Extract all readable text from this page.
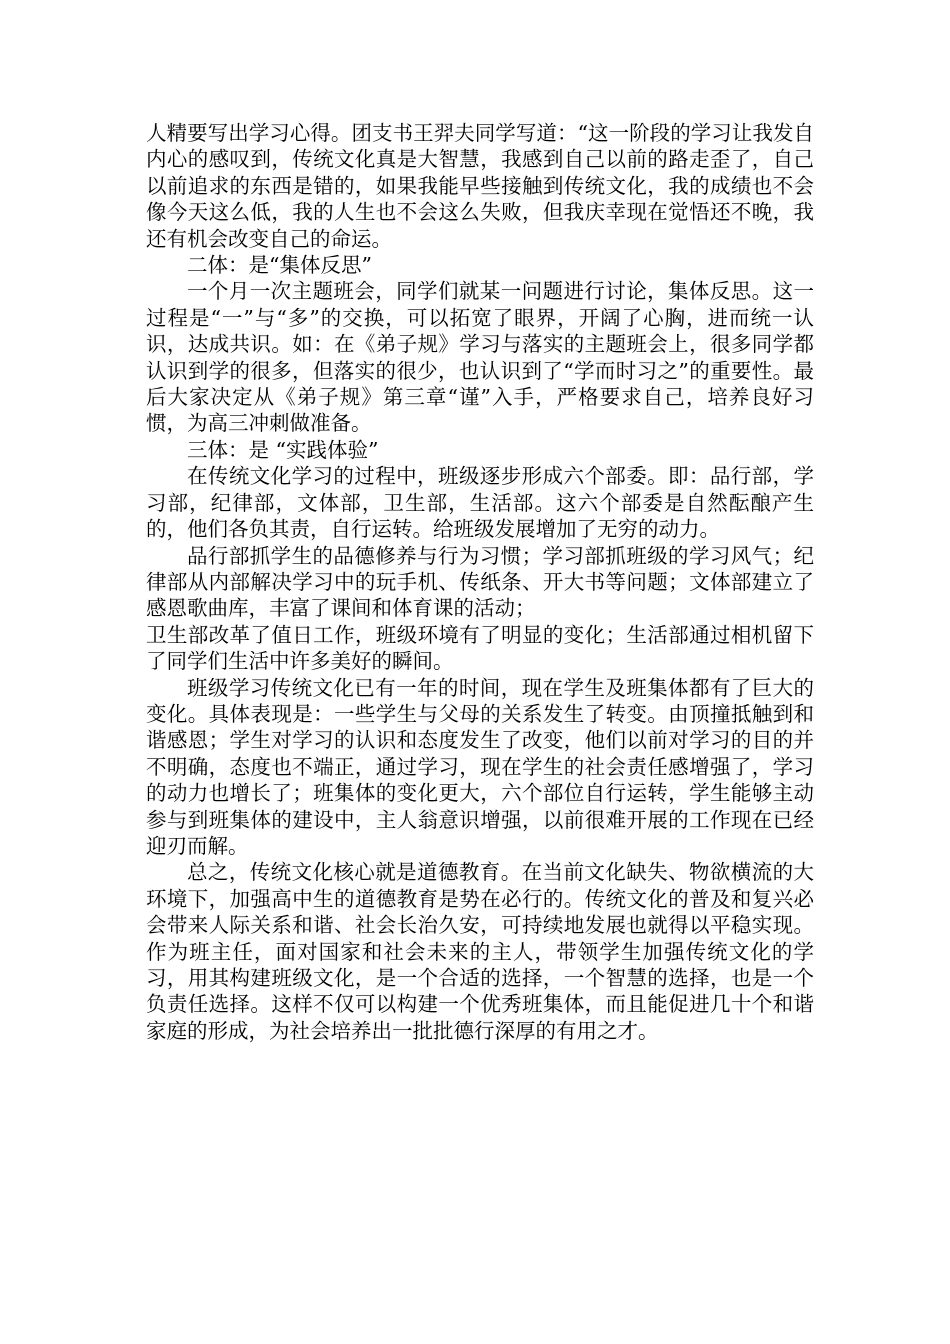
人精要写出学习心得。团支书王羿夫同学写道：“这一阶段的学习让我发自内心的感叹到，传统文化真是大智慧，我感到自己以前的路走歪了，自己以前追求的东西是错的，如果我能早些接触到传统文化，我的成绩也不会像今天这么低，我的人生也不会这么失败，但我庆幸现在觉悟还不晚，我还有机会改变自己的命运。

二体：是“集体反思”

一个月一次主题班会，同学们就某一问题进行讨论，集体反思。这一过程是“一”与“多”的交换，可以拓宽了眼界，开阔了心胸，进而统一认识，达成共识。如：在《弟子规》学习与落实的主题班会上，很多同学都认识到学的很多，但落实的很少，也认识到了“学而时习之”的重要性。最后大家决定从《弟子规》第三章“谨”入手，严格要求自己，培养良好习惯，为高三冲刺做准备。

三体：是 “实践体验”

在传统文化学习的过程中，班级逐步形成六个部委。即：品行部，学习部，纪律部，文体部，卫生部，生活部。这六个部委是自然酝酿产生的，他们各负其责，自行运转。给班级发展增加了无穷的动力。

品行部抓学生的品德修养与行为习惯；学习部抓班级的学习风气；纪律部从内部解决学习中的玩手机、传纸条、开大书等问题；文体部建立了感恩歌曲库，丰富了课间和体育课的活动；

卫生部改革了值日工作，班级环境有了明显的变化；生活部通过相机留下了同学们生活中许多美好的瞬间。

班级学习传统文化已有一年的时间，现在学生及班集体都有了巨大的变化。具体表现是：一些学生与父母的关系发生了转变。由顶撞抵触到和谐感恩；学生对学习的认识和态度发生了改变，他们以前对学习的目的并不明确，态度也不端正，通过学习，现在学生的社会责任感增强了，学习的动力也增长了；班集体的变化更大，六个部位自行运转，学生能够主动参与到班集体的建设中，主人翁意识增强，以前很难开展的工作现在已经迎刃而解。

总之，传统文化核心就是道德教育。在当前文化缺失、物欲横流的大环境下，加强高中生的道德教育是势在必行的。传统文化的普及和复兴必会带来人际关系和谐、社会长治久安，可持续地发展也就得以平稳实现。作为班主任，面对国家和社会未来的主人，带领学生加强传统文化的学习，用其构建班级文化，是一个合适的选择，一个智慧的选择，也是一个负责任选择。这样不仅可以构建一个优秀班集体，而且能促进几十个和谐家庭的形成，为社会培养出一批批德行深厚的有用之才。
